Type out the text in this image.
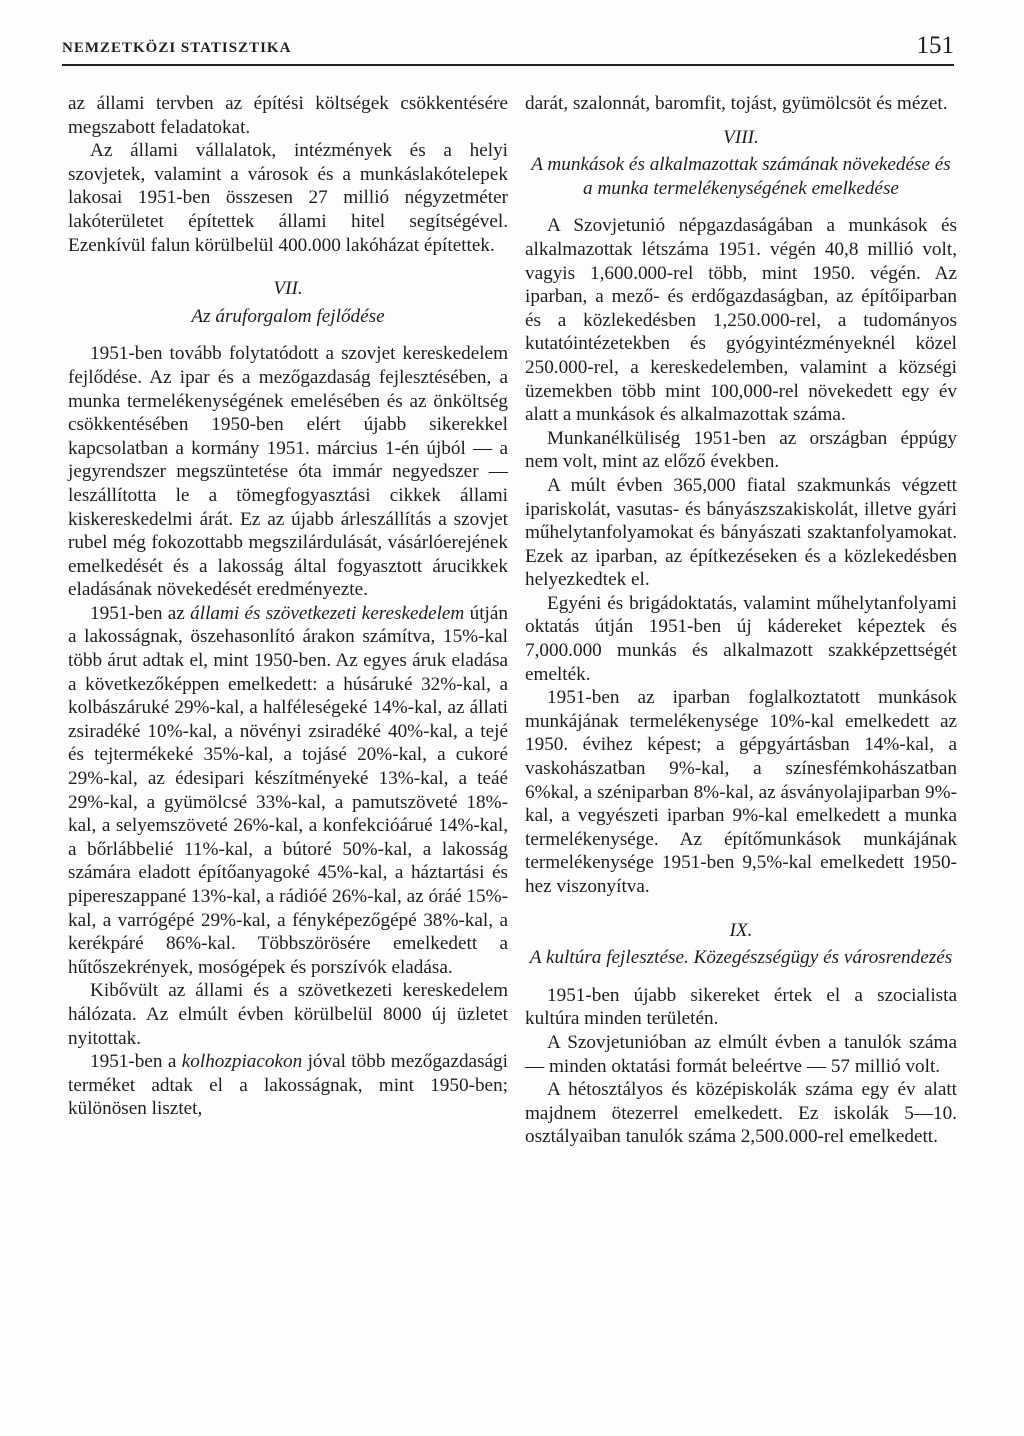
NEMZETKÖZI STATISZTIKA	151

az állami tervben az építési költségek csökkentésére megszabott feladatokat.

Az állami vállalatok, intézmények és a helyi szovjetek, valamint a városok és a munkáslakótelepek lakosai 1951-ben összesen 27 millió négyzetméter lakóterületet építettek állami hitel segítségével. Ezenkívül falun körülbelül 400.000 lakóházat építettek.

VII.
Az áruforgalom fejlődése

1951-ben tovább folytatódott a szovjet kereskedelem fejlődése. Az ipar és a mezőgazdaság fejlesztésében, a munka termelékenységének emelésében és az önköltség csökkentésében 1950-ben elért újabb sikerekkel kapcsolatban a kormány 1951. március 1-én újból — a jegyrendszer megszüntetése óta immár negyedszer — leszállította le a tömegfogyasztási cikkek állami kiskereskedelmi árát. Ez az újabb árleszállítás a szovjet rubel még fokozottabb megszilárdulását, vásárlóerejének emelkedését és a lakosság által fogyasztott árucikkek eladásának növekedését eredményezte.

1951-ben az állami és szövetkezeti kereskedelem útján a lakosságnak, öszehasonlító árakon számítva, 15%-kal több árut adtak el, mint 1950-ben. Az egyes áruk eladása a következőképpen emelkedett: a húsáruké 32%-kal, a kolbászáruké 29%-kal, a halféleségeké 14%-kal, az állati zsiradéké 10%-kal, a növényi zsiradéké 40%-kal, a tejé és tejtermékeké 35%-kal, a tojásé 20%-kal, a cukoré 29%-kal, az édesipari készítményeké 13%-kal, a teáé 29%-kal, a gyümölcsé 33%-kal, a pamutszöveté 18%-kal, a selyemszöveté 26%-kal, a konfekcióárué 14%-kal, a bőrlábbelié 11%-kal, a bútoré 50%-kal, a lakosság számára eladott építőanyagoké 45%-kal, a háztartási és pipereszappané 13%-kal, a rádióé 26%-kal, az óráé 15%-kal, a varrógépé 29%-kal, a fényképezőgépé 38%-kal, a kerékpáré 86%-kal. Többszörösére emelkedett a hűtőszekrények, mosógépek és porszívók eladása.

Kibővült az állami és a szövetkezeti kereskedelem hálózata. Az elmúlt évben körülbelül 8000 új üzletet nyitottak.

1951-ben a kolhozpiacokon jóval több mezőgazdasági terméket adtak el a lakosságnak, mint 1950-ben; különösen lisztet,

darát, szalonnát, baromfit, tojást, gyümölcsöt és mézet.

VIII.
A munkások és alkalmazottak számának növekedése és a munka termelékenységének emelkedése

A Szovjetunió népgazdaságában a munkások és alkalmazottak létszáma 1951. végén 40,8 millió volt, vagyis 1,600.000-rel több, mint 1950. végén. Az iparban, a mező- és erdőgazdaságban, az építőiparban és a közlekedésben 1,250.000-rel, a tudományos kutatóintézetekben és gyógyintézményeknél közel 250.000-rel, a kereskedelemben, valamint a községi üzemekben több mint 100,000-rel növekedett egy év alatt a munkások és alkalmazottak száma.

Munkanélküliség 1951-ben az országban éppúgy nem volt, mint az előző években.

A múlt évben 365,000 fiatal szakmunkás végzett ipariskolát, vasutas- és bányászszakiskolát, illetve gyári műhelytanfolyamokat és bányászati szaktanfolyamokat. Ezek az iparban, az építkezéseken és a közlekedésben helyezkedtek el.

Egyéni és brigádoktatás, valamint műhelytanfolyami oktatás útján 1951-ben új kádereket képeztek és 7,000.000 munkás és alkalmazott szakképzettségét emelték.

1951-ben az iparban foglalkoztatott munkások munkájának termelékenysége 10%-kal emelkedett az 1950. évihez képest; a gépgyártásban 14%-kal, a vaskohászatban 9%-kal, a színesfémkohászatban 6%kal, a széniparban 8%-kal, az ásványolajiparban 9%-kal, a vegyészeti iparban 9%-kal emelkedett a munka termelékenysége. Az építőmunkások munkájának termelékenysége 1951-ben 9,5%-kal emelkedett 1950-hez viszonyítva.

IX.
A kultúra fejlesztése. Közegészségügy és városrendezés

1951-ben újabb sikereket értek el a szocialista kultúra minden területén.

A Szovjetunióban az elmúlt évben a tanulók száma — minden oktatási formát beleértve — 57 millió volt.

A hétosztályos és középiskolák száma egy év alatt majdnem ötezerrel emelkedett. Ez iskolák 5—10. osztályaiban tanulók száma 2,500.000-rel emelkedett.
